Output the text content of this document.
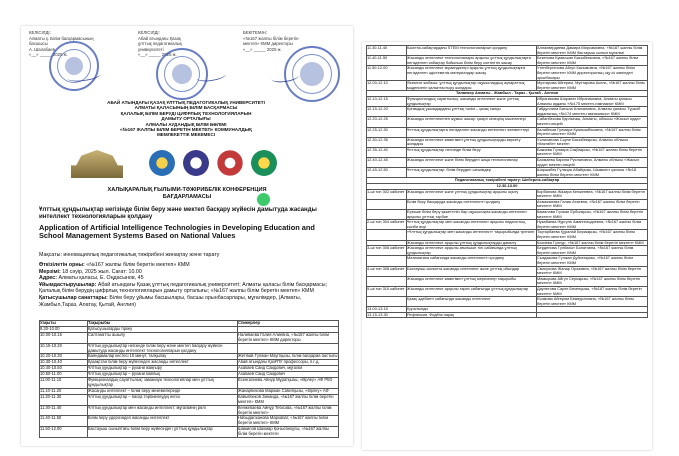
КЕЛІСІЛДІ:
Алматы қ. Білім басқармасының
басшысы
А. Шалабаев
«__» _____ 2025 ж.
КЕЛІСІЛДІ:
Абай атындағы Қазақ
ұлттық педагогикалық
университеті
«__» _____ 2025 ж.
БЕКІТЕМІН:
«№167 жалпы білім беретін
мектеп» КММ директоры
«__» _____ 2025 ж.
АБАЙ АТЫНДАҒЫ ҚАЗАҚ ҰЛТТЫҚ ПЕДАГОГИКАЛЫҚ УНИВЕРСИТЕТІ
АЛМАТЫ ҚАЛАСЫНЫҢ БІЛІМ БАСҚАРМАСЫ
ҚАЛАЛЫҚ БІЛІМ БЕРУДІ ЦИФРЛЫҚ ТЕХНОЛОГИЯЛАРЫН
ДАМЫТУ ОРТАЛЫҒЫ
АЛМАЛЫ АУДАНДЫҚ БІЛІМ БӨЛІМІ
«№167 ЖАЛПЫ БІЛІМ БЕРЕТІН МЕКТЕП» КОММУНАЛДЫҚ
МЕМЛЕКЕТТІК МЕКЕМЕСІ
ХАЛЫҚАРАЛЫҚ ҒЫЛЫМИ-ТӘЖІРИБЕЛІК КОНФЕРЕНЦИЯ
БАҒДАРЛАМАСЫ
Ұлттық құндылықтар негізінде білім беру және мектеп басқару жүйесін дамытуда жасанды интеллект технологияларын қолдану
Application of Artificial Intelligence Technologies in Developing Education and School Management Systems Based on National Values
Мақсаты: инновациялық педагогикалық тәжірибені жинақтау және тарату
Өткізілетін орны: «№167 жалпы білім беретін мектеп» КММ
Мерзімі: 18 сәуір, 2025 жыл. Сағат: 10.00
Адрес: Алматы қаласы, Е. Оңдасынов, 45
Ұйымдастырушылар: Абай атындағы Қазақ ұлттық педагогикалық университеті; Алматы қаласы білім басқармасы; Қалалық білім берудің цифрлық технологияларын дамыту орталығы; «№167 жалпы білім беретін мектеп» КММ
Қатысушылар санаттары: Білім беру ұйымы басшылары, басшы орынбасарлары, мұғалімдер, (Алматы, Жамбыл,Тараз, Алатау, Қытай, Англия)
Уақыты	Тақырыбы	Спикерлер
9.30-10.00	Қатысушыларды тіркеу	
10.00-10.15	Салтанатты ашылу	Налибаева Галия Алиевна, «№167 жалпы білім беретін мектеп» КММ директоры
10.15-10.20	Ұлттық құндылықтар негізінде білім беру және мектеп басқару жүйесін дамытуда жасанды интеллект технологияларын қолдану	
10.20-10.30	Баяндамалар кестесі 10 минут, талқылау	Жетібай Гүлжан Мауітқызы, білім басқарма бастығы
10.30-10.40	Қазақстан білім беру жүйесіндегі жасанды интеллект	Абай атындағы ҚазҰПУ профессоры, п.ғ.д.
10.40-10.50	Ұлттық құндылықтар – рухани жаңғыру	Ахабаев Саид Саидович, мұғалім
10.50-11.00	Ұлттық құндылықтар – рухани байлық	Ахабаев Саид Саидович
11.00-11.10	Функционалдық сауаттылық: заманауи технологиялар мен ұлттық құндылықтар	Есенгалиева Айнур Мұратқызы, «Өрлеу» АФ PhD
11.10-11.20	Жасанды интеллект – білім беру мекемелерінде	Жанарбекова Маржан Сабитқызы, «Өрлеу» АФ
11.20-11.30	Ұлттық құндылықтар – басқа тәрбиелеудің негізі	Кайыпбеков Зинаида, «№167 жалпы білім беретін мектеп» КММ
11.30-11.40	Ұлттық құндылықтар мен жасанды интеллект: мұғалімнің рөлі	Кенжебаева Айнұр Тебісова, «№167 жалпы білім беретін мектеп»
11.40-11.50	Білім беру үдерісіндегі жасанды интеллект	Набыдалханова Мархабат, «№167 жалпы білім беретін мектеп» КММ
11.50-12.00	Бастауыш сыныптағы білім беру жүйесіндегі ұлттық құндылықтар	Шамилов Шахмар Қонысбекұлы, «№167 жалпы білім беретін мектеп»
11.30-11.40	Кәсіптік-сабақтардағы STEM технологияларын қолдану	Аллахвердиева Дамира Мирсамовна, «№167 жалпы білім беретін мектеп» КММ бастауыш сынып мұғалімі
11.40-11.50	Жасанды интеллект технологиялары арқылы ұлттық құндылықтарға негізделген сабақтар бойынша білім беру контентін жасау	Бекенова Кумисжан Басыбекковна, «№167 жалпы білім беретін мектеп» КММ
11.50-12.00	Жасанды интеллект мүмкіндіктері арқылы ұлттық құндылықтарға негізделген әдістемелік материалдар жасау	Утепбергенова Айгул Касымовна, «№167 жалпы білім беретін мектеп» КММ директорының оқу ісі жөніндегі орынбасары
12.00-12.10	Әсемтат жобасы: ұлттық құндылықтар оқушылардың ақпараттық мәдениетін қалыптастыру жолдары	Мухтарова Айгерим, Мухтарова Асель, «№167 жалпы білім беретін мектеп» КММ
Талапкер Алматы - Жамбыл - Тараз - Қытай - Англия		
12.10-12.15	Функционалдық сауаттылық: жасанды интеллект және ұлттық құндылықтар	Ибрагимова Шарапат Ибрагимовна, Алматы қаласы Алмалы ауданы «№175 мектеп-гимназия» КММ
12.15-12.20	Қоғамдық ұжымдардағы ұлттық тәлім – қазақ халқы	Габдуллина Багыла Алихановна, Алматы қаласы Түрксіб ауданының «№174 мектеп-гимназиясы» КММ
12.20-12.25	Жасанды интеллектпен жұмыс жасау: қазіргі кезеңнің мәселелері	Сабанбекова Қарлығаш, Алматы, облысы «Жасыл орда» мектеп-лицейі
12.25-12.30	Ұлттық құндылықтарға негізделген жасанды интеллект элементтері	Калабеков Гулмира Куанышбековна, «№167 жалпы білім беретін мектеп» КММ
12.30-12.35	Жасанды интеллект көмегімен ұлттық құндылықтарды көрсету жолдары	Уәлиханова Сәуле Басыбекқызы, Алматы облысы «Көктөбе» мектеп
12.35-12.40	Ұлттық құндылықтар негізінде білім беру	Бакиева Гүлмира Сақбақызы, «№167 жалпы білім беретін мектеп» КММ
12.40-12.45	Жасанды интеллект және білім берудегі жаңа технологиялар	Бахмаева Карина Руслановна, Алматы облысы «Жасыл орда» мектеп-лицейі
12.45-12.50	Ұлттық құндылықтар: білім берудегі шешімдер	Шаршабек Гүлзира Абайқызы, Шымкент қаласы «№18 жалпы білім беретін мектеп» КММ
Педагогикалық тәжірибені тарату: Шеберлік-сабақтар		
12.30-13.00		
1-ші топ 302 кабинет	Жасанды интеллект және ұлттық құндылықтар арқылы оқыту	Корбанова Жазира Кенжеевна, «№167 жалпы білім беретін мектеп» КММ
	Білім беру басқаруда жасанды интеллектті қолдану	Атамжанова Галия Атаевна, «№167 жалпы білім беретін мектеп» КММ
	Ерекше білім беру қажеттілігі бар оқушыларға жасанды интеллект арқылы ұлттық тәрбие	Камалова Гүлжан Ерболқызы, «№167 жалпы білім беретін мектеп» КММ
2-ші топ 304 кабинет	Ұлттық құндылықтар мен жасанды интеллект арқылы педагогтың кәсіби өсуі	Нукабаева Нургуль Амангельдиевна, «№167 жалпы білім беретін мектеп» КММ
	«Ұлттық құндылықтар мен жасанды интеллект» тақырыбында тренинг	Тоқтарбаева Құралай Берикқызы, «№167 жалпы білім беретін мектеп» КММ
	Жасанды интеллект арқылы ұлттық құндылықтарды дамыту	Кохиева Гүлнур, «№167 жалпы білім беретін мектеп» КММ
3-ші топ 306 кабинет	Жасанды интеллект арқылы ағылшын тілі сабағында ұлттық құндылықтар	Берденова Гүлбахыт Болатовна, «№167 жалпы білім беретін мектеп» КММ
	Математика сабағында жасанды интеллектті қолдану	Сыздыкова Гүлжан Дүйсенқызы, «№167 жалпы білім беретін мектеп» КММ
4-ші топ 308 кабинет	Бастауыш сыныпта жасанды интеллект және ұлттық ойындар	Смагулова Жанар Оразовна, «№167 жалпы білім беретін мектеп» КММ
	Жасанды интеллект көмегімен ұлттық мерекелер тақырыбы	Мамырова Айгүл Серікқызы, «№167 жалпы білім беретін мектеп» КММ
5-ші топ 310 кабинет	Жасанды интеллект арқылы тарих сабағында ұлттық құндылықтар	Даулетова Сауле Бекенқызы, «№167 жалпы білім беретін мектеп» КММ
	Қазақ әдебиеті сабағында жасанды интеллект	Есимова Айгерим Бекмуратовна, «№167 жалпы білім беретін мектеп» КММ
13.00-13.15	Қорытынды	
13.15-13.30	Рефлексия. Фидбэк парақ	
